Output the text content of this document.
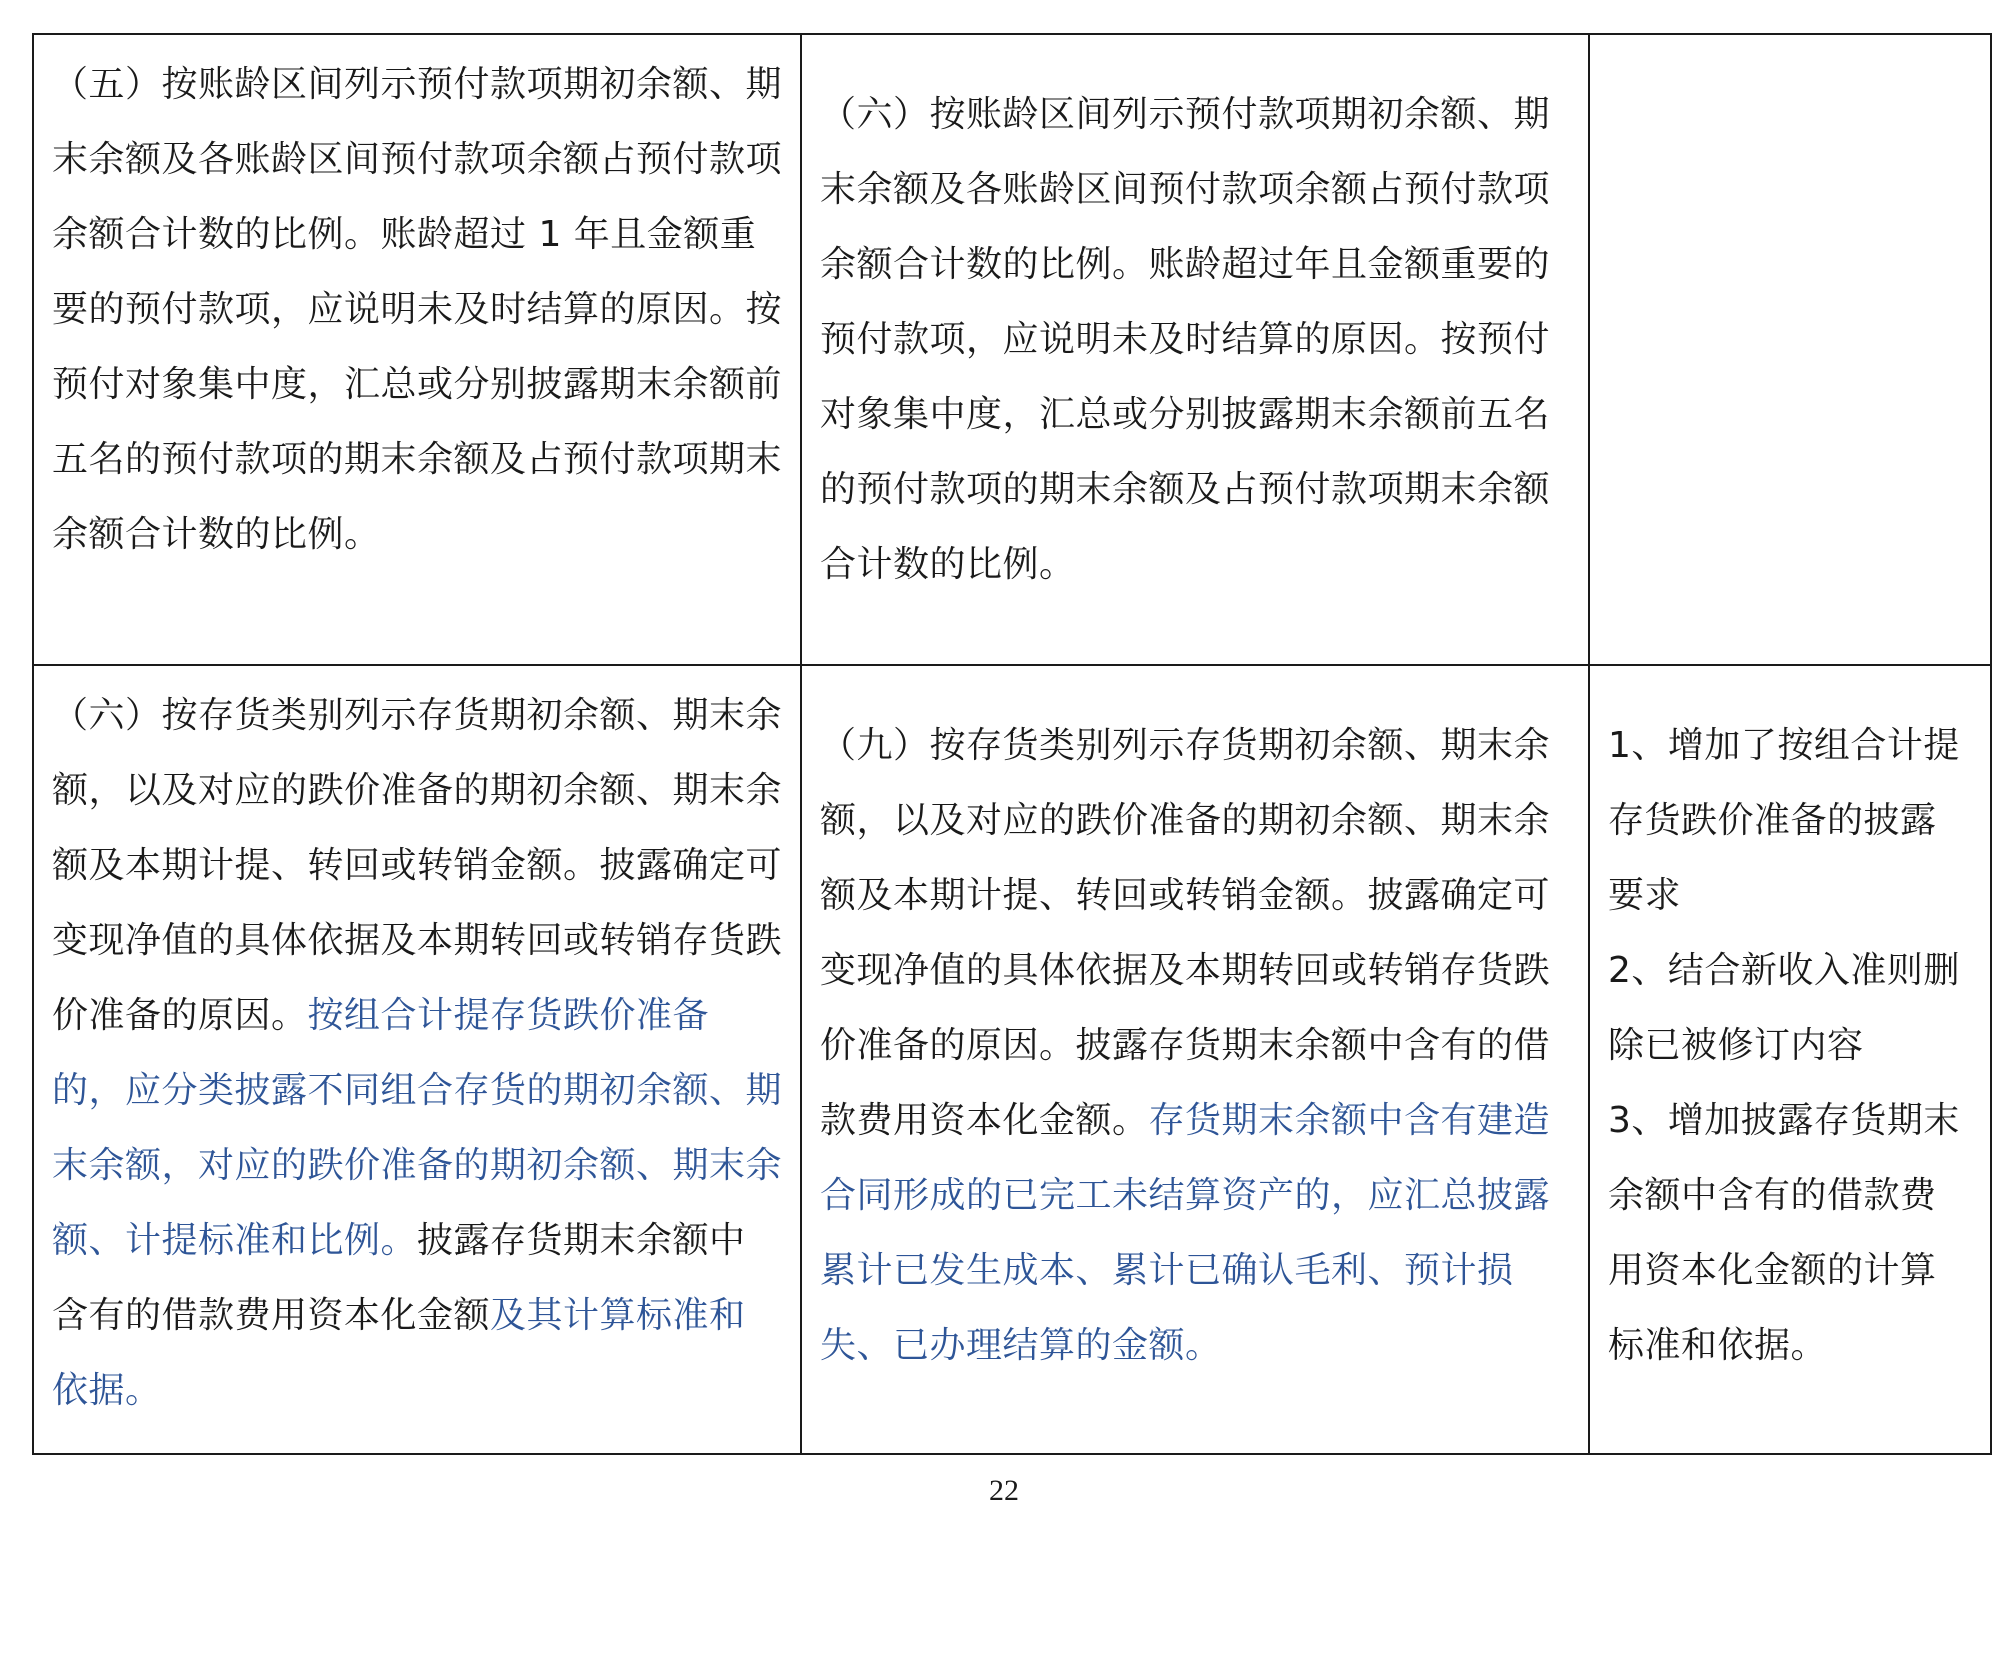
（五）按账龄区间列示预付款项期初余额、期末余额及各账龄区间预付款项余额占预付款项余额合计数的比例。账龄超过 1 年且金额重要的预付款项，应说明未及时结算的原因。按预付对象集中度，汇总或分别披露期末余额前五名的预付款项的期末余额及占预付款项期末余额合计数的比例。	（六）按账龄区间列示预付款项期初余额、期末余额及各账龄区间预付款项余额占预付款项余额合计数的比例。账龄超过年且金额重要的预付款项，应说明未及时结算的原因。按预付对象集中度，汇总或分别披露期末余额前五名的预付款项的期末余额及占预付款项期末余额合计数的比例。	
（六）按存货类别列示存货期初余额、期末余额，以及对应的跌价准备的期初余额、期末余额及本期计提、转回或转销金额。披露确定可变现净值的具体依据及本期转回或转销存货跌价准备的原因。按组合计提存货跌价准备的，应分类披露不同组合存货的期初余额、期末余额，对应的跌价准备的期初余额、期末余额、计提标准和比例。披露存货期末余额中含有的借款费用资本化金额及其计算标准和依据。	（九）按存货类别列示存货期初余额、期末余额，以及对应的跌价准备的期初余额、期末余额及本期计提、转回或转销金额。披露确定可变现净值的具体依据及本期转回或转销存货跌价准备的原因。披露存货期末余额中含有的借款费用资本化金额。存货期末余额中含有建造合同形成的已完工未结算资产的，应汇总披露累计已发生成本、累计已确认毛利、预计损失、已办理结算的金额。	1、增加了按组合计提存货跌价准备的披露要求
2、结合新收入准则删除已被修订内容
3、增加披露存货期末余额中含有的借款费用资本化金额的计算标准和依据。
22
